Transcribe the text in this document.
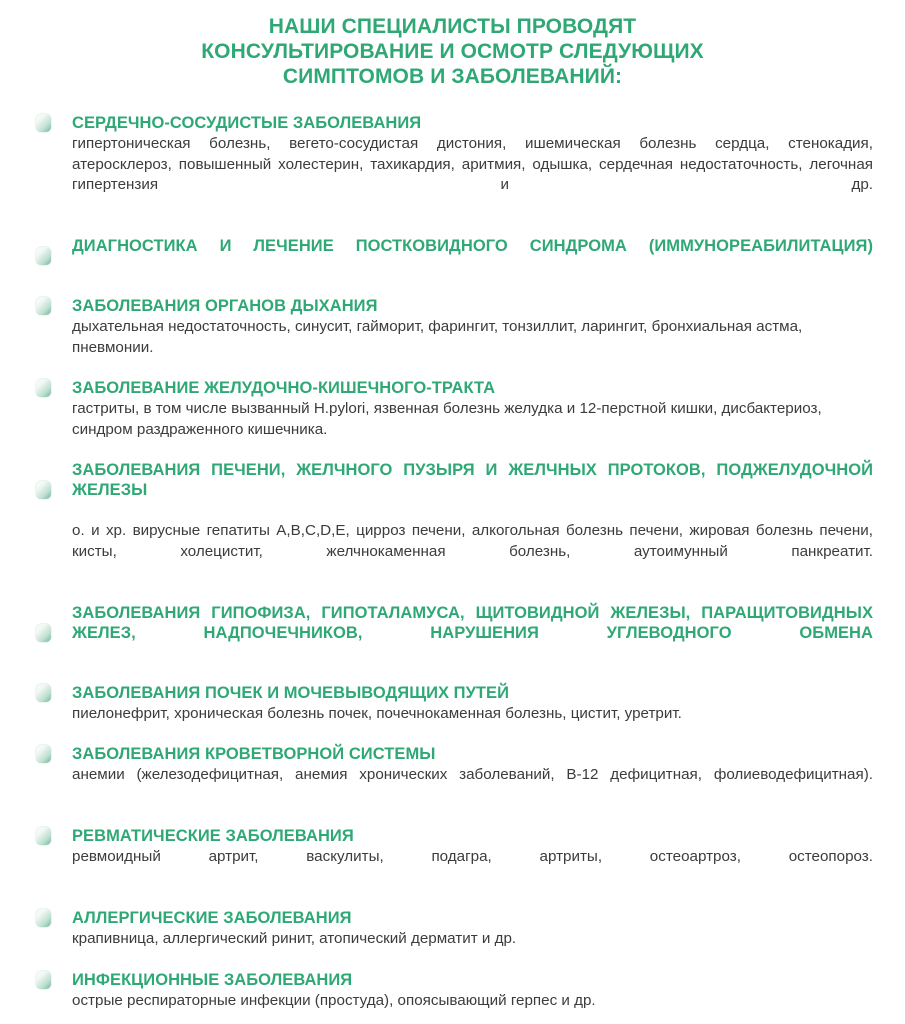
НАШИ СПЕЦИАЛИСТЫ ПРОВОДЯТ
КОНСУЛЬТИРОВАНИЕ И ОСМОТР СЛЕДУЮЩИХ
СИМПТОМОВ И ЗАБОЛЕВАНИЙ:

СЕРДЕЧНО-СОСУДИСТЫЕ ЗАБОЛЕВАНИЯ

гипертоническая болезнь, вегето-сосудистая дистония, ишемическая болезнь сердца, стенокадия, атеросклероз, повышенный холестерин, тахикардия, аритмия, одышка, сердечная недостаточность, легочная гипертензия и др.

ДИАГНОСТИКА И ЛЕЧЕНИЕ ПОСТКОВИДНОГО СИНДРОМА (ИММУНОРЕАБИЛИТАЦИЯ)

ЗАБОЛЕВАНИЯ ОРГАНОВ ДЫХАНИЯ

дыхательная недостаточность, синусит, гайморит, фарингит, тонзиллит, ларингит, бронхиальная астма, пневмонии.

ЗАБОЛЕВАНИЕ ЖЕЛУДОЧНО-КИШЕЧНОГО-ТРАКТА

гастриты, в том числе вызванный H.pylori, язвенная болезнь желудка и 12-перстной кишки, дисбактериоз, синдром раздраженного кишечника.

ЗАБОЛЕВАНИЯ ПЕЧЕНИ, ЖЕЛЧНОГО ПУЗЫРЯ И ЖЕЛЧНЫХ ПРОТОКОВ, ПОДЖЕЛУДОЧНОЙ ЖЕЛЕЗЫ

о. и хр. вирусные гепатиты A,B,C,D,E, цирроз печени, алкогольная болезнь печени, жировая болезнь печени, кисты, холецистит, желчнокаменная болезнь, аутоимунный панкреатит.

ЗАБОЛЕВАНИЯ ГИПОФИЗА, ГИПОТАЛАМУСА, ЩИТОВИДНОЙ ЖЕЛЕЗЫ, ПАРАЩИТОВИДНЫХ ЖЕЛЕЗ, НАДПОЧЕЧНИКОВ, НАРУШЕНИЯ УГЛЕВОДНОГО ОБМЕНА

ЗАБОЛЕВАНИЯ ПОЧЕК И МОЧЕВЫВОДЯЩИХ ПУТЕЙ

пиелонефрит, хроническая болезнь почек, почечнокаменная болезнь, цистит, уретрит.

ЗАБОЛЕВАНИЯ КРОВЕТВОРНОЙ СИСТЕМЫ

анемии (железодефицитная, анемия хронических заболеваний, В-12 дефицитная, фолиеводефицитная).

РЕВМАТИЧЕСКИЕ ЗАБОЛЕВАНИЯ

ревмоидный артрит, васкулиты, подагра, артриты, остеоартроз, остеопороз.

АЛЛЕРГИЧЕСКИЕ ЗАБОЛЕВАНИЯ

крапивница, аллергический ринит, атопический дерматит и др.

ИНФЕКЦИОННЫЕ ЗАБОЛЕВАНИЯ

острые респираторные инфекции (простуда), опоясывающий герпес и др.
